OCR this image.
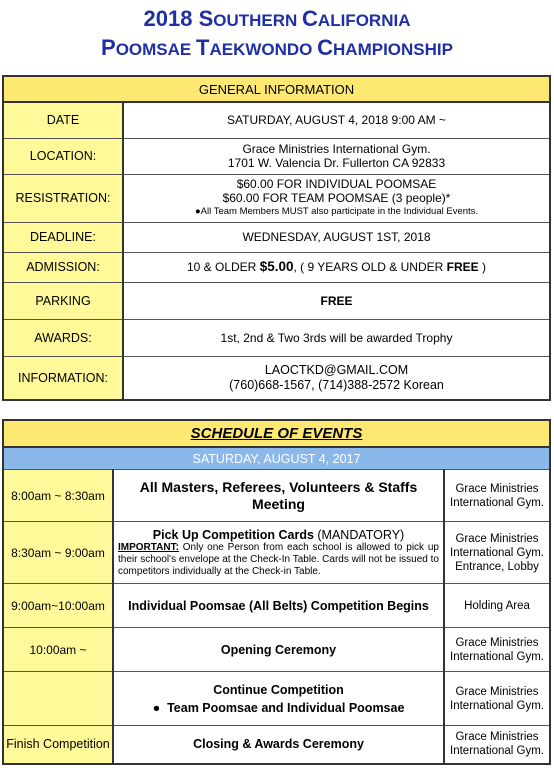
2018 SOUTHERN CALIFORNIA
POOMSAE TAEKWONDO CHAMPIONSHIP
GENERAL INFORMATION	
DATE	SATURDAY, AUGUST 4, 2018 9:00 AM ~
LOCATION:	Grace Ministries International Gym.
1701 W. Valencia Dr. Fullerton CA 92833

RESISTRATION:	$60.00 FOR INDIVIDUAL POOMSAE
$60.00 FOR TEAM POOMSAE (3 people)*
●All Team Members MUST also participate in the Individual Events.

DEADLINE:	WEDNESDAY, AUGUST 1ST, 2018
ADMISSION:	10 & OLDER $5.00, ( 9 YEARS OLD & UNDER FREE )
PARKING	FREE
AWARDS:	1st, 2nd & Two 3rds will be awarded Trophy
INFORMATION:	LAOCTKD@GMAIL.COM
(760)668-1567, (714)388-2572 Korean
SCHEDULE OF EVENTS		
SATURDAY, AUGUST 4, 2017		
8:00am ~ 8:30am	All Masters, Referees, Volunteers & Staffs Meeting	Grace Ministries International Gym.
8:30am ~ 9:00am	Pick Up Competition Cards (MANDATORY)
IMPORTANT: Only one Person from each school is allowed to pick up their school's envelope at the Check-In Table. Cards will not be issued to competitors individually at the Check-in Table.	Grace Ministries International Gym. Entrance, Lobby
9:00am~10:00am	Individual Poomsae (All Belts) Competition Begins	Holding Area
10:00am ~	Opening Ceremony	Grace Ministries International Gym.

	Continue Competition
●  Team Poomsae and Individual Poomsae	Grace Ministries International Gym.
Finish Competition	Closing & Awards Ceremony	Grace Ministries International Gym.
